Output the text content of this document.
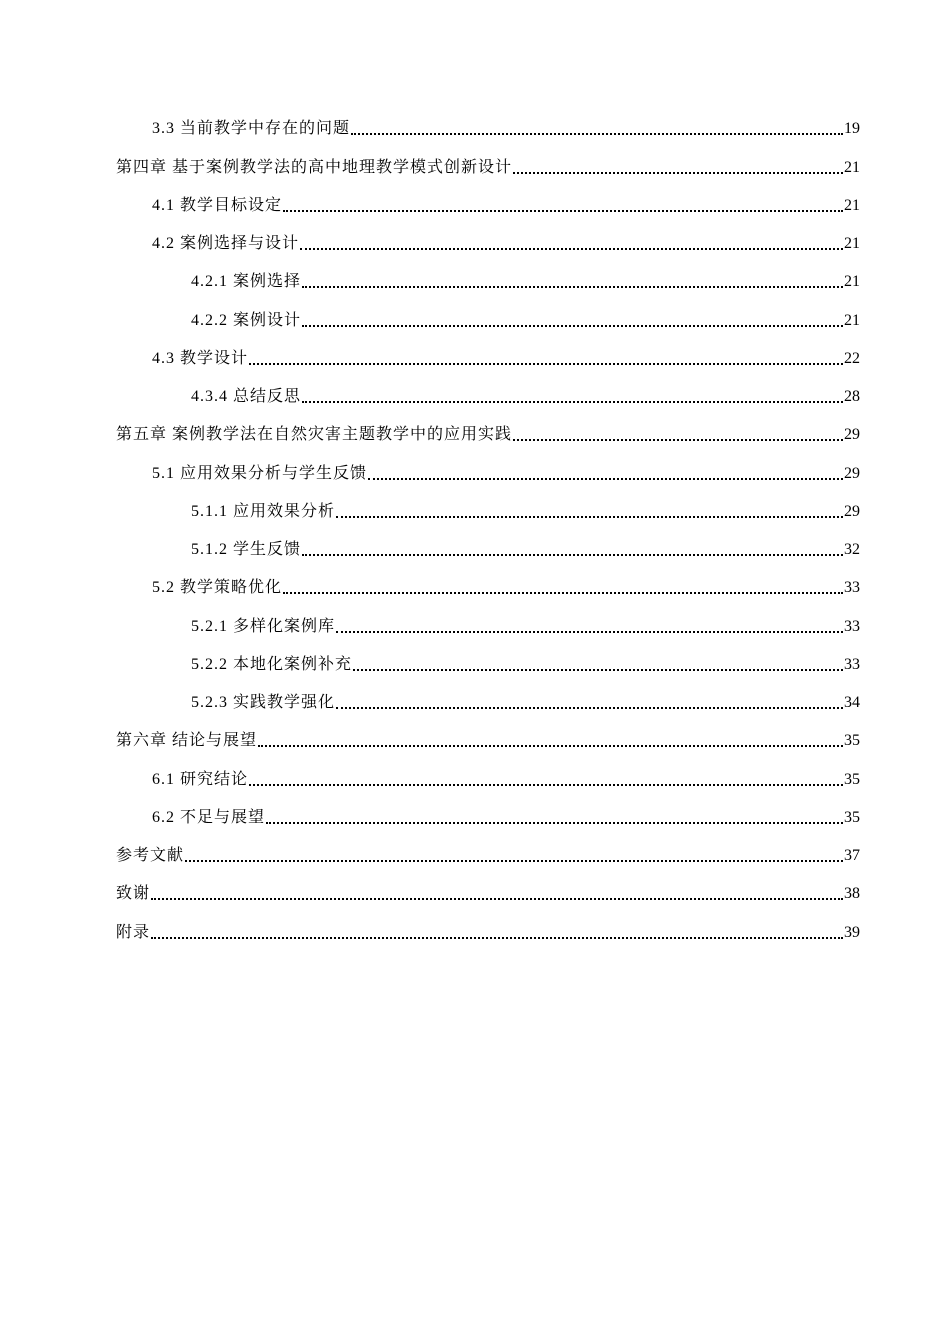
3.3 当前教学中存在的问题	19
第四章 基于案例教学法的高中地理教学模式创新设计	21
4.1 教学目标设定	21
4.2 案例选择与设计	21
4.2.1 案例选择	21
4.2.2 案例设计	21
4.3 教学设计	22
4.3.4 总结反思	28
第五章 案例教学法在自然灾害主题教学中的应用实践	29
5.1 应用效果分析与学生反馈	29
5.1.1 应用效果分析	29
5.1.2 学生反馈	32
5.2 教学策略优化	33
5.2.1 多样化案例库	33
5.2.2 本地化案例补充	33
5.2.3 实践教学强化	34
第六章 结论与展望	35
6.1 研究结论	35
6.2 不足与展望	35
参考文献	37
致谢	38
附录	39
